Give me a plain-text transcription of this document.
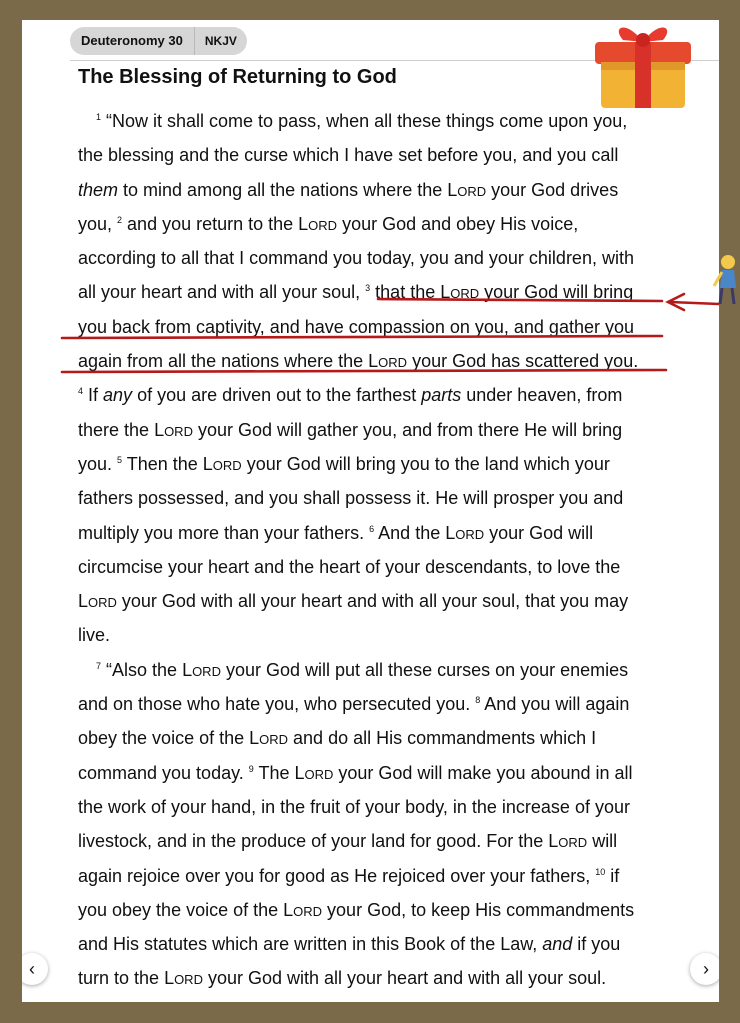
Deuteronomy 30	NKJV
The Blessing of Returning to God

$^1$ “Now it shall come to pass, when all these things come upon you,
the blessing and the curse which I have set before you, and you call
them to mind among all the nations where the Lord your God drives
you, $^2$ and you return to the Lord your God and obey His voice,
according to all that I command you today, you and your children, with
all your heart and with all your soul, $^3$ that the Lord your God will bring
you back from captivity, and have compassion on you, and gather you
again from all the nations where the Lord your God has scattered you.
$^4$ If any of you are driven out to the farthest parts under heaven, from
there the Lord your God will gather you, and from there He will bring
you. $^5$ Then the Lord your God will bring you to the land which your
fathers possessed, and you shall possess it. He will prosper you and
multiply you more than your fathers. $^6$ And the Lord your God will
circumcise your heart and the heart of your descendants, to love the
Lord your God with all your heart and with all your soul, that you may
live.

$^7$ “Also the Lord your God will put all these curses on your enemies
and on those who hate you, who persecuted you. $^8$ And you will again
obey the voice of the Lord and do all His commandments which I
command you today. $^9$ The Lord your God will make you abound in all
the work of your hand, in the fruit of your body, in the increase of your
livestock, and in the produce of your land for good. For the Lord will
again rejoice over you for good as He rejoiced over your fathers, $^{10}$ if
you obey the voice of the Lord your God, to keep His commandments
and His statutes which are written in this Book of the Law, and if you
turn to the Lord your God with all your heart and with all your soul.

‹	›
